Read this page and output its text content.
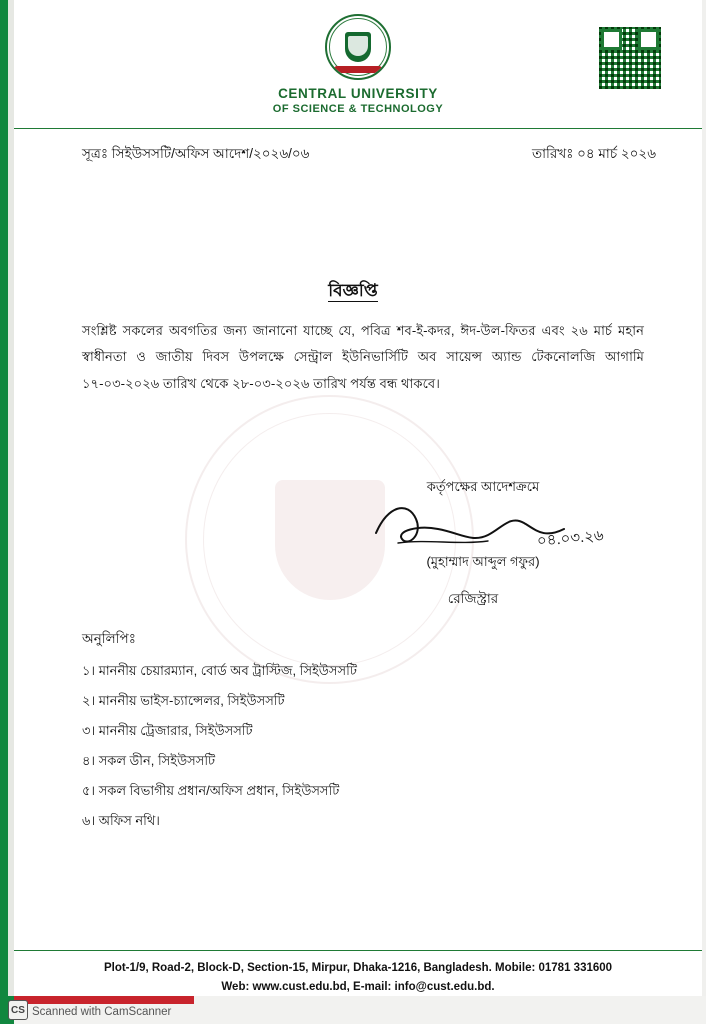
CENTRAL UNIVERSITY
OF SCIENCE & TECHNOLOGY
সূত্রঃ সিইউসসটি/অফিস আদেশ/২০২৬/০৬	তারিখঃ ০৪ মার্চ ২০২৬
বিজ্ঞপ্তি
সংশ্লিষ্ট সকলের অবগতির জন্য জানানো যাচ্ছে যে, পবিত্র শব-ই-কদর, ঈদ-উল-ফিতর এবং ২৬ মার্চ মহান স্বাধীনতা ও জাতীয় দিবস উপলক্ষে সেন্ট্রাল ইউনিভার্সিটি অব সায়েন্স অ্যান্ড টেকনোলজি আগামি ১৭-০৩-২০২৬ তারিখ থেকে ২৮-০৩-২০২৬ তারিখ পর্যন্ত বন্ধ থাকবে।
কর্তৃপক্ষের আদেশক্রমে
০৪.০৩.২৬
(মুহাম্মাদ আব্দুল গফুর)
রেজিস্ট্রার
অনুলিপিঃ
১। মাননীয় চেয়ারম্যান, বোর্ড অব ট্রাস্টিজ, সিইউসসটি
২। মাননীয় ভাইস-চ্যান্সেলর, সিইউসসটি
৩। মাননীয় ট্রেজারার, সিইউসসটি
৪। সকল ডীন, সিইউসসটি
৫। সকল বিভাগীয় প্রধান/অফিস প্রধান, সিইউসসটি
৬। অফিস নথি।
Plot-1/9, Road-2, Block-D, Section-15, Mirpur, Dhaka-1216, Bangladesh. Mobile: 01781 331600
Web: www.cust.edu.bd, E-mail: info@cust.edu.bd.
CS Scanned with CamScanner
